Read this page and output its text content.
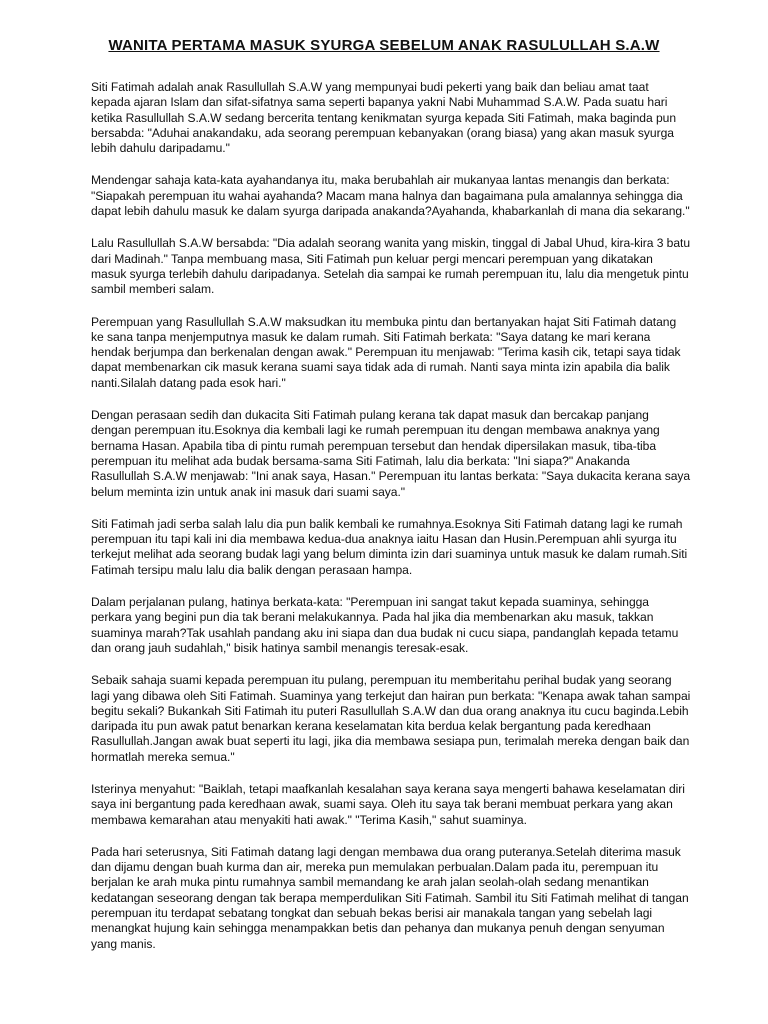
WANITA PERTAMA MASUK SYURGA SEBELUM ANAK RASULULLAH S.A.W

Siti Fatimah adalah anak Rasullullah S.A.W yang mempunyai budi pekerti yang baik dan beliau amat taat kepada ajaran Islam dan sifat-sifatnya sama seperti bapanya yakni Nabi Muhammad S.A.W. Pada suatu hari ketika Rasullullah S.A.W sedang bercerita tentang kenikmatan syurga kepada Siti Fatimah, maka baginda pun bersabda: "Aduhai anakandaku, ada seorang perempuan kebanyakan (orang biasa) yang akan masuk syurga lebih dahulu daripadamu."

Mendengar sahaja kata-kata ayahandanya itu, maka berubahlah air mukanyaa lantas menangis dan berkata: "Siapakah perempuan itu wahai ayahanda? Macam mana halnya dan bagaimana pula amalannya sehingga dia dapat lebih dahulu masuk ke dalam syurga daripada anakanda?Ayahanda, khabarkanlah di mana dia sekarang."

Lalu Rasullullah S.A.W bersabda: "Dia adalah seorang wanita yang miskin, tinggal di Jabal Uhud, kira-kira 3 batu dari Madinah." Tanpa membuang masa, Siti Fatimah pun keluar pergi mencari perempuan yang dikatakan masuk syurga terlebih dahulu daripadanya. Setelah dia sampai ke rumah perempuan itu, lalu dia mengetuk pintu sambil memberi salam.

Perempuan yang Rasullullah S.A.W maksudkan itu membuka pintu dan bertanyakan hajat Siti Fatimah datang ke sana tanpa menjemputnya masuk ke dalam rumah. Siti Fatimah berkata: "Saya datang ke mari kerana hendak berjumpa dan berkenalan dengan awak." Perempuan itu menjawab: "Terima kasih cik, tetapi saya tidak dapat membenarkan cik masuk kerana suami saya tidak ada di rumah. Nanti saya minta izin apabila dia balik nanti.Silalah datang pada esok hari."

Dengan perasaan sedih dan dukacita Siti Fatimah pulang kerana tak dapat masuk dan bercakap panjang dengan perempuan itu.Esoknya dia kembali lagi ke rumah perempuan itu dengan membawa anaknya yang bernama Hasan. Apabila tiba di pintu rumah perempuan tersebut dan hendak dipersilakan masuk, tiba-tiba perempuan itu melihat ada budak bersama-sama Siti Fatimah, lalu dia berkata: "Ini siapa?" Anakanda Rasullullah S.A.W menjawab: "Ini anak saya, Hasan." Perempuan itu lantas berkata: "Saya dukacita kerana saya belum meminta izin untuk anak ini masuk dari suami saya."

Siti Fatimah jadi serba salah lalu dia pun balik kembali ke rumahnya.Esoknya Siti Fatimah datang lagi ke rumah perempuan itu tapi kali ini dia membawa kedua-dua anaknya iaitu Hasan dan Husin.Perempuan ahli syurga itu terkejut melihat ada seorang budak lagi yang belum diminta izin dari suaminya untuk masuk ke dalam rumah.Siti Fatimah tersipu malu lalu dia balik dengan perasaan hampa.

Dalam perjalanan pulang, hatinya berkata-kata: "Perempuan ini sangat takut kepada suaminya, sehingga perkara yang begini pun dia tak berani melakukannya. Pada hal jika dia membenarkan aku masuk, takkan suaminya marah?Tak usahlah pandang aku ini siapa dan dua budak ni cucu siapa, pandanglah kepada tetamu dan orang jauh sudahlah," bisik hatinya sambil menangis teresak-esak.

Sebaik sahaja suami kepada perempuan itu pulang, perempuan itu memberitahu perihal budak yang seorang lagi yang dibawa oleh Siti Fatimah. Suaminya yang terkejut dan hairan pun berkata: "Kenapa awak tahan sampai begitu sekali? Bukankah Siti Fatimah itu puteri Rasullullah S.A.W dan dua orang anaknya itu cucu baginda.Lebih daripada itu pun awak patut benarkan kerana keselamatan kita berdua kelak bergantung pada keredhaan Rasullullah.Jangan awak buat seperti itu lagi, jika dia membawa sesiapa pun, terimalah mereka dengan baik dan hormatlah mereka semua."

Isterinya menyahut: "Baiklah, tetapi maafkanlah kesalahan saya kerana saya mengerti bahawa keselamatan diri saya ini bergantung pada keredhaan awak, suami saya. Oleh itu saya tak berani membuat perkara yang akan membawa kemarahan atau menyakiti hati awak." "Terima Kasih," sahut suaminya.

Pada hari seterusnya, Siti Fatimah datang lagi dengan membawa dua orang puteranya.Setelah diterima masuk dan dijamu dengan buah kurma dan air, mereka pun memulakan perbualan.Dalam pada itu, perempuan itu berjalan ke arah muka pintu rumahnya sambil memandang ke arah jalan seolah-olah sedang menantikan kedatangan seseorang dengan tak berapa memperdulikan Siti Fatimah. Sambil itu Siti Fatimah melihat di tangan perempuan itu terdapat sebatang tongkat dan sebuah bekas berisi air manakala tangan yang sebelah lagi menangkat hujung kain sehingga menampakkan betis dan pehanya dan mukanya penuh dengan senyuman yang manis.
